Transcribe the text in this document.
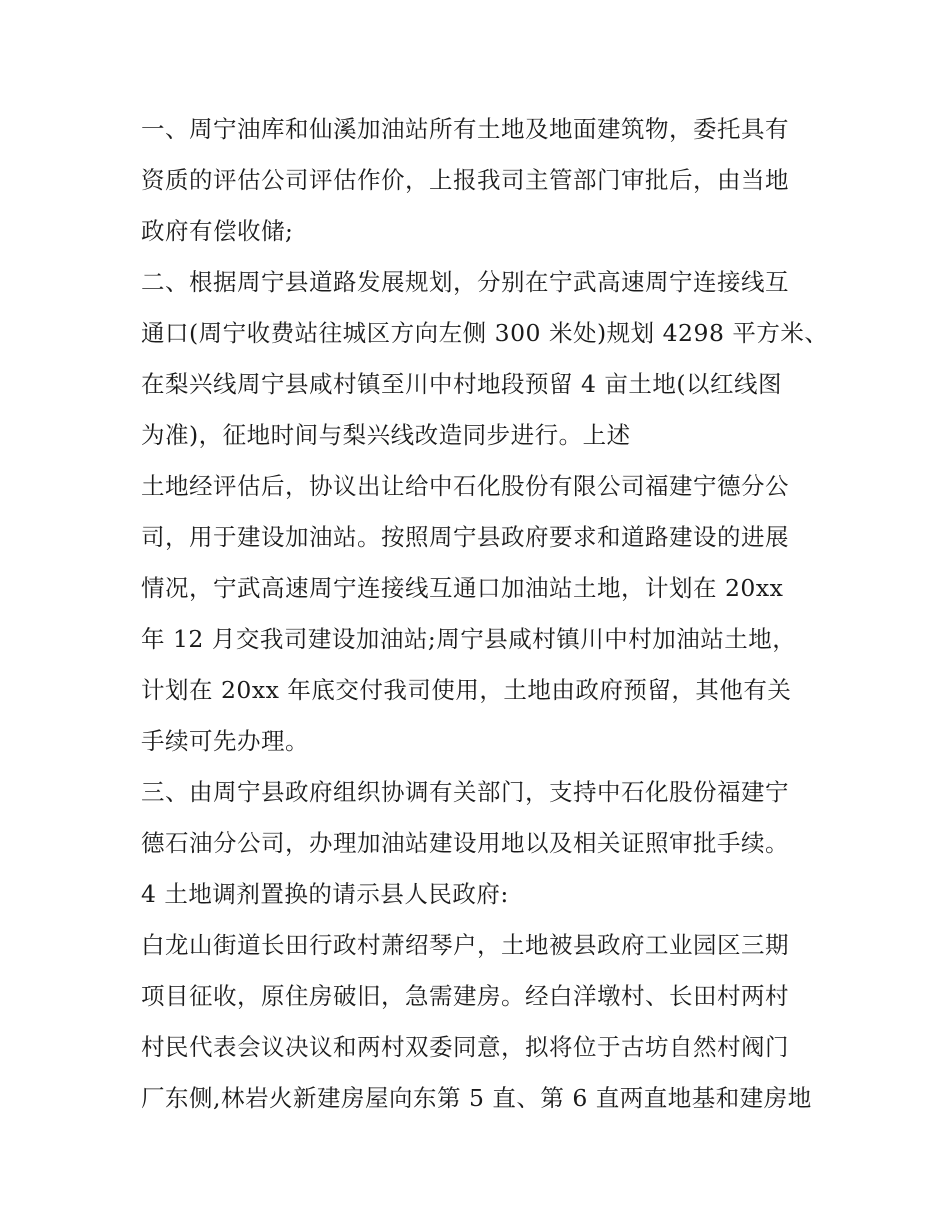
一、周宁油库和仙溪加油站所有土地及地面建筑物，委托具有
资质的评估公司评估作价，上报我司主管部门审批后，由当地
政府有偿收储;
二、根据周宁县道路发展规划，分别在宁武高速周宁连接线互
通口(周宁收费站往城区方向左侧 300 米处)规划 4298 平方米、
在梨兴线周宁县咸村镇至川中村地段预留 4 亩土地(以红线图
为准)，征地时间与梨兴线改造同步进行。上述
土地经评估后，协议出让给中石化股份有限公司福建宁德分公
司，用于建设加油站。按照周宁县政府要求和道路建设的进展
情况，宁武高速周宁连接线互通口加油站土地，计划在 20xx
年 12 月交我司建设加油站;周宁县咸村镇川中村加油站土地，
计划在 20xx 年底交付我司使用，土地由政府预留，其他有关
手续可先办理。
三、由周宁县政府组织协调有关部门，支持中石化股份福建宁
德石油分公司，办理加油站建设用地以及相关证照审批手续。
4 土地调剂置换的请示县人民政府:
白龙山街道长田行政村萧绍琴户，土地被县政府工业园区三期
项目征收，原住房破旧，急需建房。经白洋墩村、长田村两村
村民代表会议决议和两村双委同意，拟将位于古坊自然村阀门
厂东侧,林岩火新建房屋向东第 5 直、第 6 直两直地基和建房地
